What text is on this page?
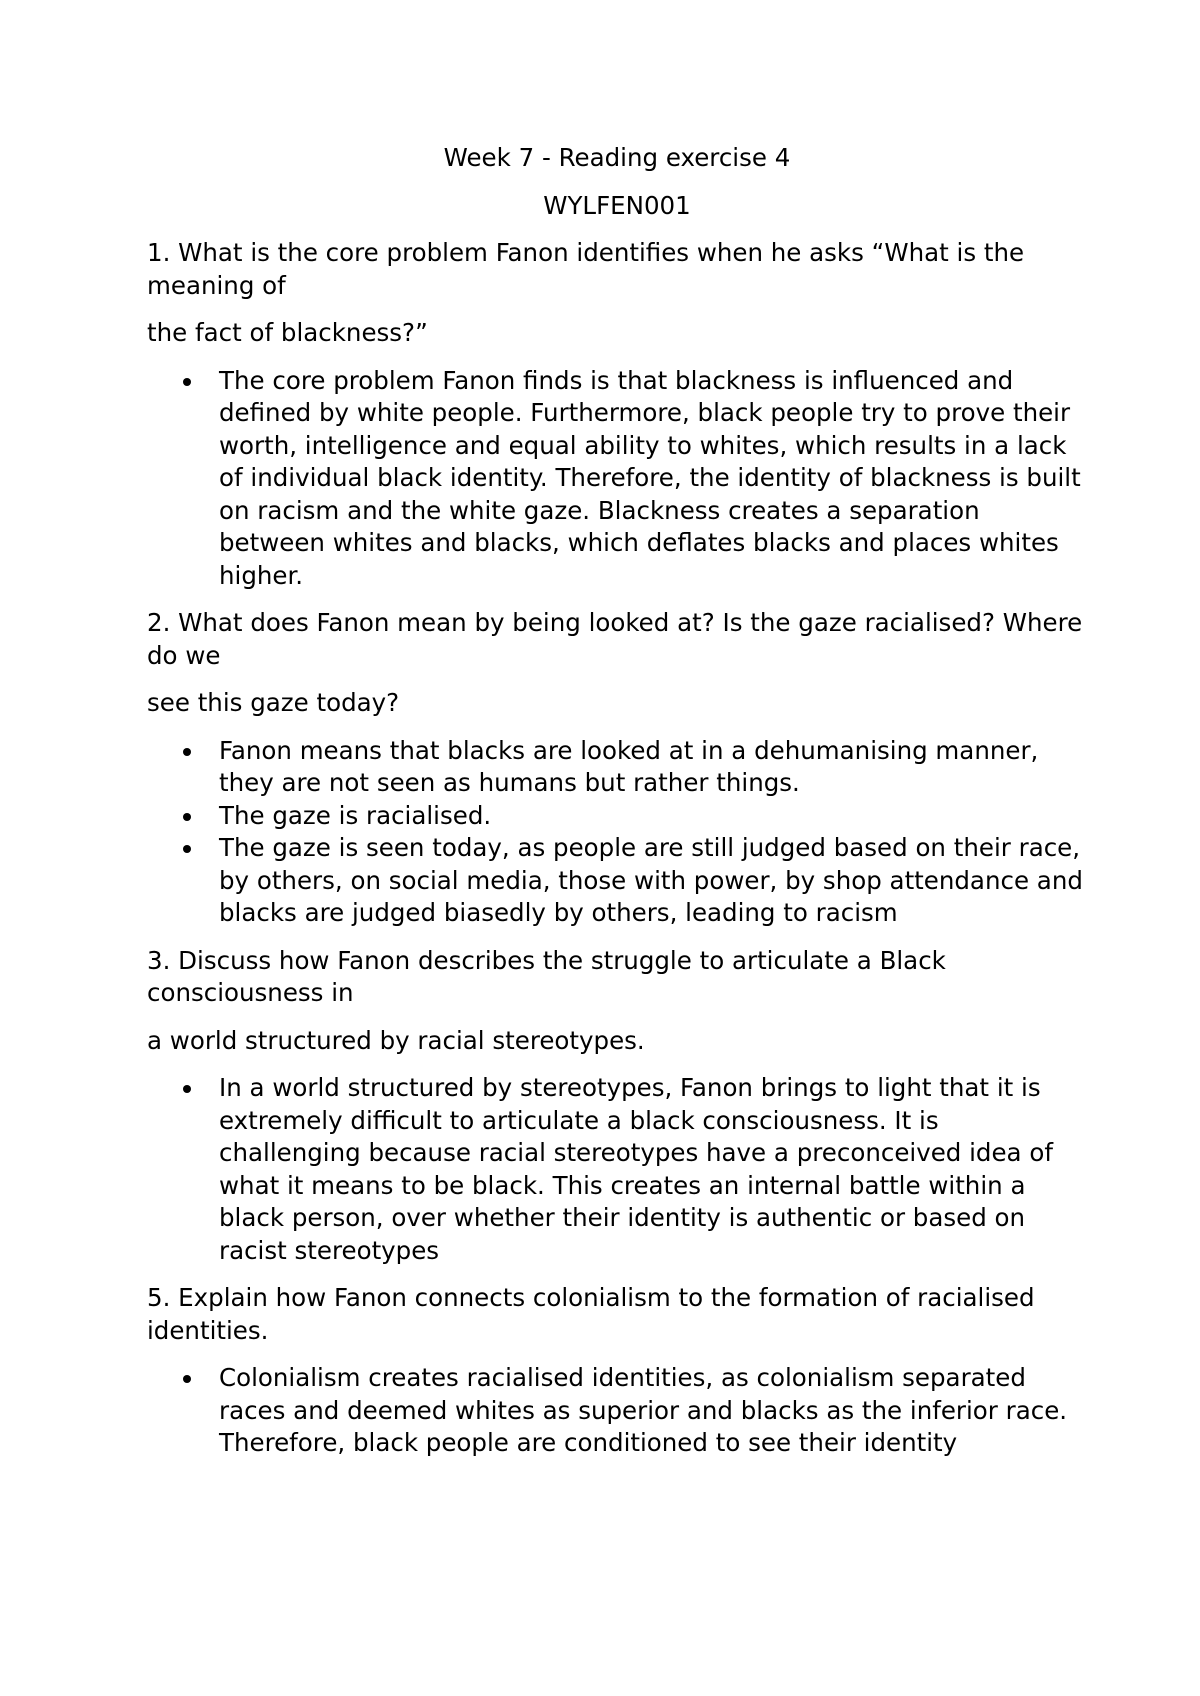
Week 7 - Reading exercise 4

WYLFEN001

1. What is the core problem Fanon identifies when he asks “What is the meaning of

the fact of blackness?”

The core problem Fanon finds is that blackness is influenced and defined by white people. Furthermore, black people try to prove their worth, intelligence and equal ability to whites, which results in a lack of individual black identity. Therefore, the identity of blackness is built on racism and the white gaze. Blackness creates a separation between whites and blacks, which deflates blacks and places whites higher.

2. What does Fanon mean by being looked at? Is the gaze racialised? Where do we

see this gaze today?

Fanon means that blacks are looked at in a dehumanising manner, they are not seen as humans but rather things.
The gaze is racialised.
The gaze is seen today, as people are still judged based on their race, by others, on social media, those with power, by shop attendance and blacks are judged biasedly by others, leading to racism

3. Discuss how Fanon describes the struggle to articulate a Black consciousness in

a world structured by racial stereotypes.

In a world structured by stereotypes, Fanon brings to light that it is extremely difficult to articulate a black consciousness. It is challenging because racial stereotypes have a preconceived idea of what it means to be black. This creates an internal battle within a black person, over whether their identity is authentic or based on racist stereotypes

5. Explain how Fanon connects colonialism to the formation of racialised identities.

Colonialism creates racialised identities, as colonialism separated races and deemed whites as superior and blacks as the inferior race. Therefore, black people are conditioned to see their identity
